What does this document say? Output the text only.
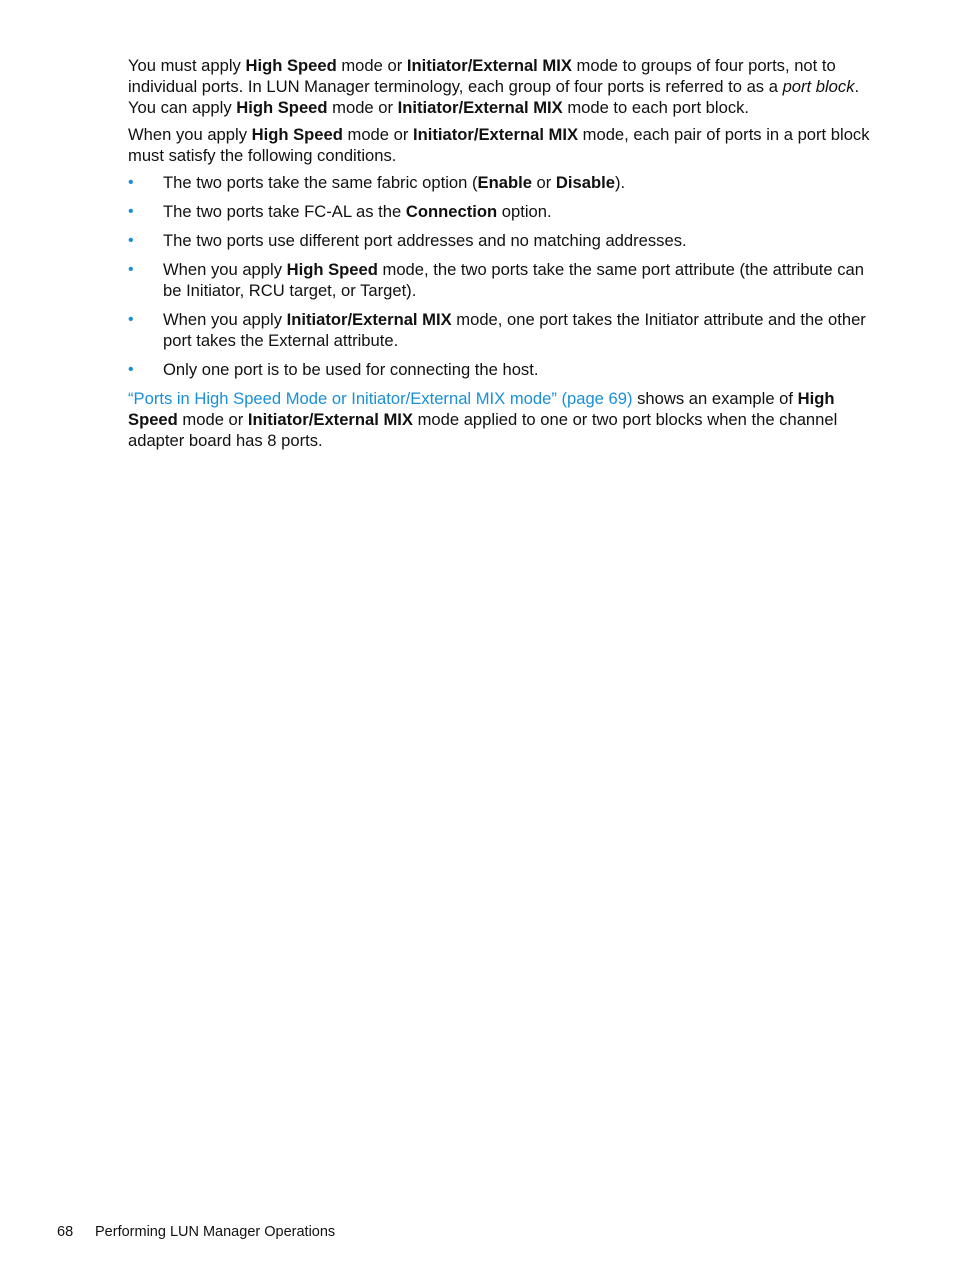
You must apply High Speed mode or Initiator/External MIX mode to groups of four ports, not to individual ports. In LUN Manager terminology, each group of four ports is referred to as a port block. You can apply High Speed mode or Initiator/External MIX mode to each port block.

When you apply High Speed mode or Initiator/External MIX mode, each pair of ports in a port block must satisfy the following conditions.

• The two ports take the same fabric option (Enable or Disable).
• The two ports take FC-AL as the Connection option.
• The two ports use different port addresses and no matching addresses.
• When you apply High Speed mode, the two ports take the same port attribute (the attribute can be Initiator, RCU target, or Target).
• When you apply Initiator/External MIX mode, one port takes the Initiator attribute and the other port takes the External attribute.
• Only one port is to be used for connecting the host.

“Ports in High Speed Mode or Initiator/External MIX mode” (page 69) shows an example of High Speed mode or Initiator/External MIX mode applied to one or two port blocks when the channel adapter board has 8 ports.

68 Performing LUN Manager Operations
